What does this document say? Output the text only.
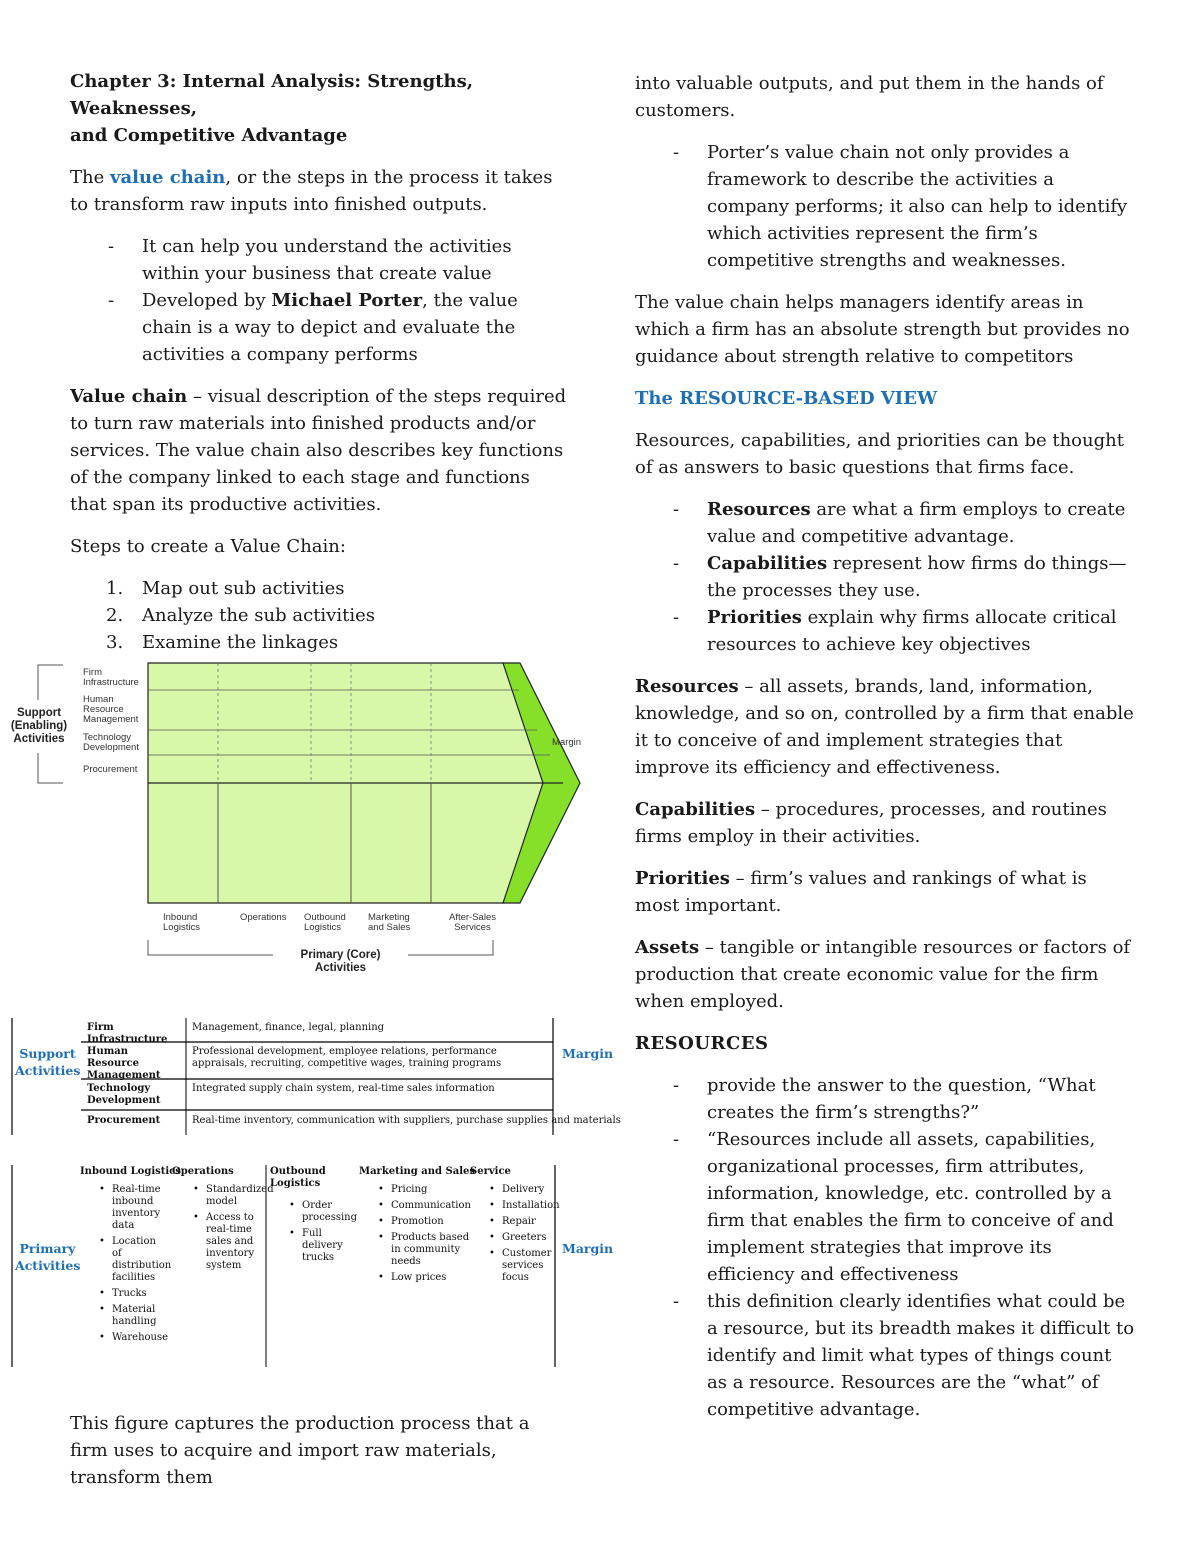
Chapter 3: Internal Analysis: Strengths, Weaknesses,
and Competitive Advantage

The value chain, or the steps in the process it takes to transform raw inputs into finished outputs.

- It can help you understand the activities within your business that create value
- Developed by Michael Porter, the value chain is a way to depict and evaluate the activities a company performs

Value chain – visual description of the steps required to turn raw materials into finished products and/or services. The value chain also describes key functions of the company linked to each stage and functions that span its productive activities.

Steps to create a Value Chain:

1. Map out sub activities
2. Analyze the sub activities
3. Examine the linkages
Support
(Enabling)
Activities
Firm
Infrastructure
Human
Resource
Management
Technology
Development
Procurement
Margin
Inbound
Logistics
Operations Outbound
Logistics
Marketing
and Sales
After-Sales
Services
Primary (Core)
Activities
Support
Activities
Firm Infrastructure
Management, finance, legal, planning
Human Resource Management
Professional development, employee relations, performance appraisals, recruiting, competitive wages, training programs
Technology Development
Integrated supply chain system, real-time sales information
Procurement	Real-time inventory, communication with suppliers, purchase supplies and materials
Margin
Primary
Activities
Inbound Logistics
Operations	Outbound Logistics
Marketing and Sales
Service
• Real-time inbound inventory data
• Location of distribution facilities
• Trucks
• Material handling
• Warehouse
• Standardized model
• Access to real-time sales and inventory system
• Order processing
• Full delivery trucks
• Pricing
• Communication
• Promotion
• Products based in community needs
• Low prices
• Delivery
• Installation
• Repair
• Greeters
• Customer services focus
Margin

This figure captures the production process that a firm uses to acquire and import raw materials, transform them

into valuable outputs, and put them in the hands of customers.

- Porter’s value chain not only provides a framework to describe the activities a company performs; it also can help to identify which activities represent the firm’s competitive strengths and weaknesses.

The value chain helps managers identify areas in which a firm has an absolute strength but provides no guidance about strength relative to competitors

The RESOURCE-BASED VIEW

Resources, capabilities, and priorities can be thought of as answers to basic questions that firms face.

- Resources are what a firm employs to create value and competitive advantage.
- Capabilities represent how firms do things—the processes they use.
- Priorities explain why firms allocate critical resources to achieve key objectives

Resources – all assets, brands, land, information, knowledge, and so on, controlled by a firm that enable it to conceive of and implement strategies that improve its efficiency and effectiveness.

Capabilities – procedures, processes, and routines firms employ in their activities.

Priorities – firm’s values and rankings of what is most important.

Assets – tangible or intangible resources or factors of production that create economic value for the firm when employed.

RESOURCES

- provide the answer to the question, “What creates the firm’s strengths?”
- “Resources include all assets, capabilities, organizational processes, firm attributes, information, knowledge, etc. controlled by a firm that enables the firm to conceive of and implement strategies that improve its efficiency and effectiveness
- this definition clearly identifies what could be a resource, but its breadth makes it difficult to identify and limit what types of things count as a resource. Resources are the “what” of competitive advantage.
